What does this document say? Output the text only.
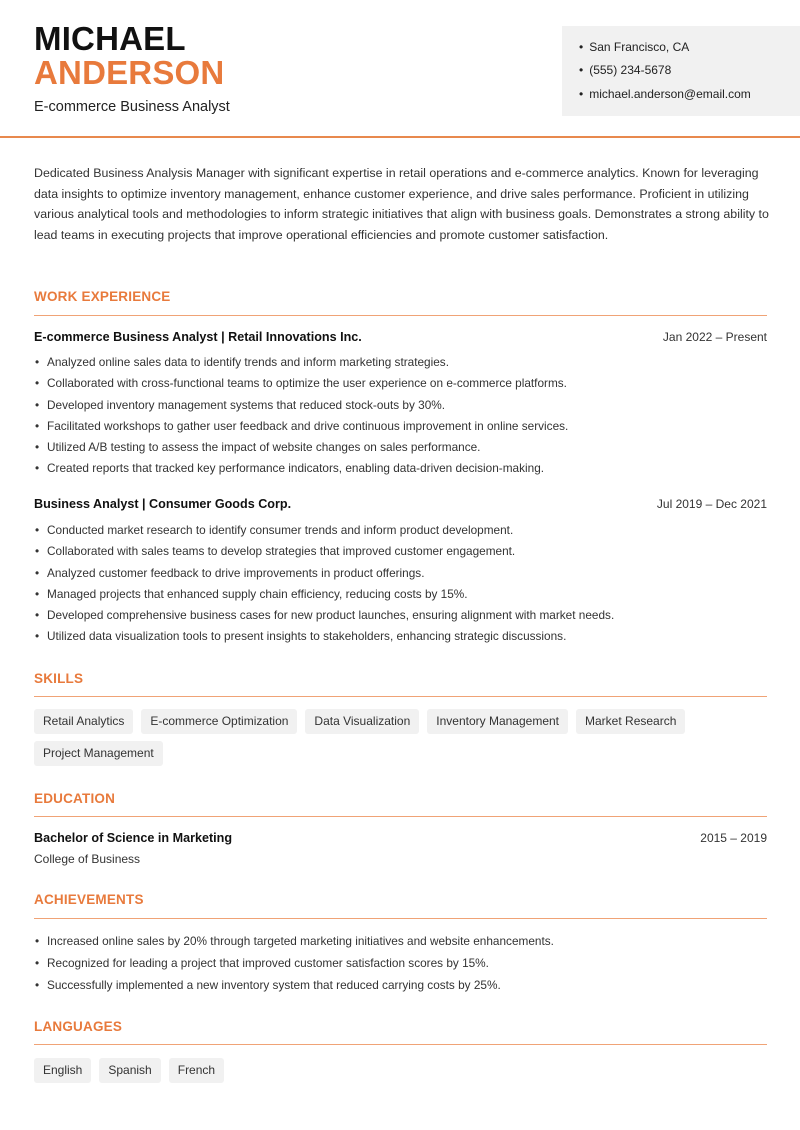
MICHAEL
ANDERSON
E-commerce Business Analyst
• San Francisco, CA
• (555) 234-5678
• michael.anderson@email.com
Dedicated Business Analysis Manager with significant expertise in retail operations and e-commerce analytics. Known for leveraging data insights to optimize inventory management, enhance customer experience, and drive sales performance. Proficient in utilizing various analytical tools and methodologies to inform strategic initiatives that align with business goals. Demonstrates a strong ability to lead teams in executing projects that improve operational efficiencies and promote customer satisfaction.
WORK EXPERIENCE
E-commerce Business Analyst | Retail Innovations Inc.	Jan 2022 – Present
• Analyzed online sales data to identify trends and inform marketing strategies.
• Collaborated with cross-functional teams to optimize the user experience on e-commerce platforms.
• Developed inventory management systems that reduced stock-outs by 30%.
• Facilitated workshops to gather user feedback and drive continuous improvement in online services.
• Utilized A/B testing to assess the impact of website changes on sales performance.
• Created reports that tracked key performance indicators, enabling data-driven decision-making.
Business Analyst | Consumer Goods Corp.	Jul 2019 – Dec 2021
• Conducted market research to identify consumer trends and inform product development.
• Collaborated with sales teams to develop strategies that improved customer engagement.
• Analyzed customer feedback to drive improvements in product offerings.
• Managed projects that enhanced supply chain efficiency, reducing costs by 15%.
• Developed comprehensive business cases for new product launches, ensuring alignment with market needs.
• Utilized data visualization tools to present insights to stakeholders, enhancing strategic discussions.
SKILLS
Retail Analytics	E-commerce Optimization	Data Visualization	Inventory Management	Market Research
Project Management
EDUCATION
Bachelor of Science in Marketing	2015 – 2019
College of Business
ACHIEVEMENTS
• Increased online sales by 20% through targeted marketing initiatives and website enhancements.
• Recognized for leading a project that improved customer satisfaction scores by 15%.
• Successfully implemented a new inventory system that reduced carrying costs by 25%.
LANGUAGES
English	Spanish	French
